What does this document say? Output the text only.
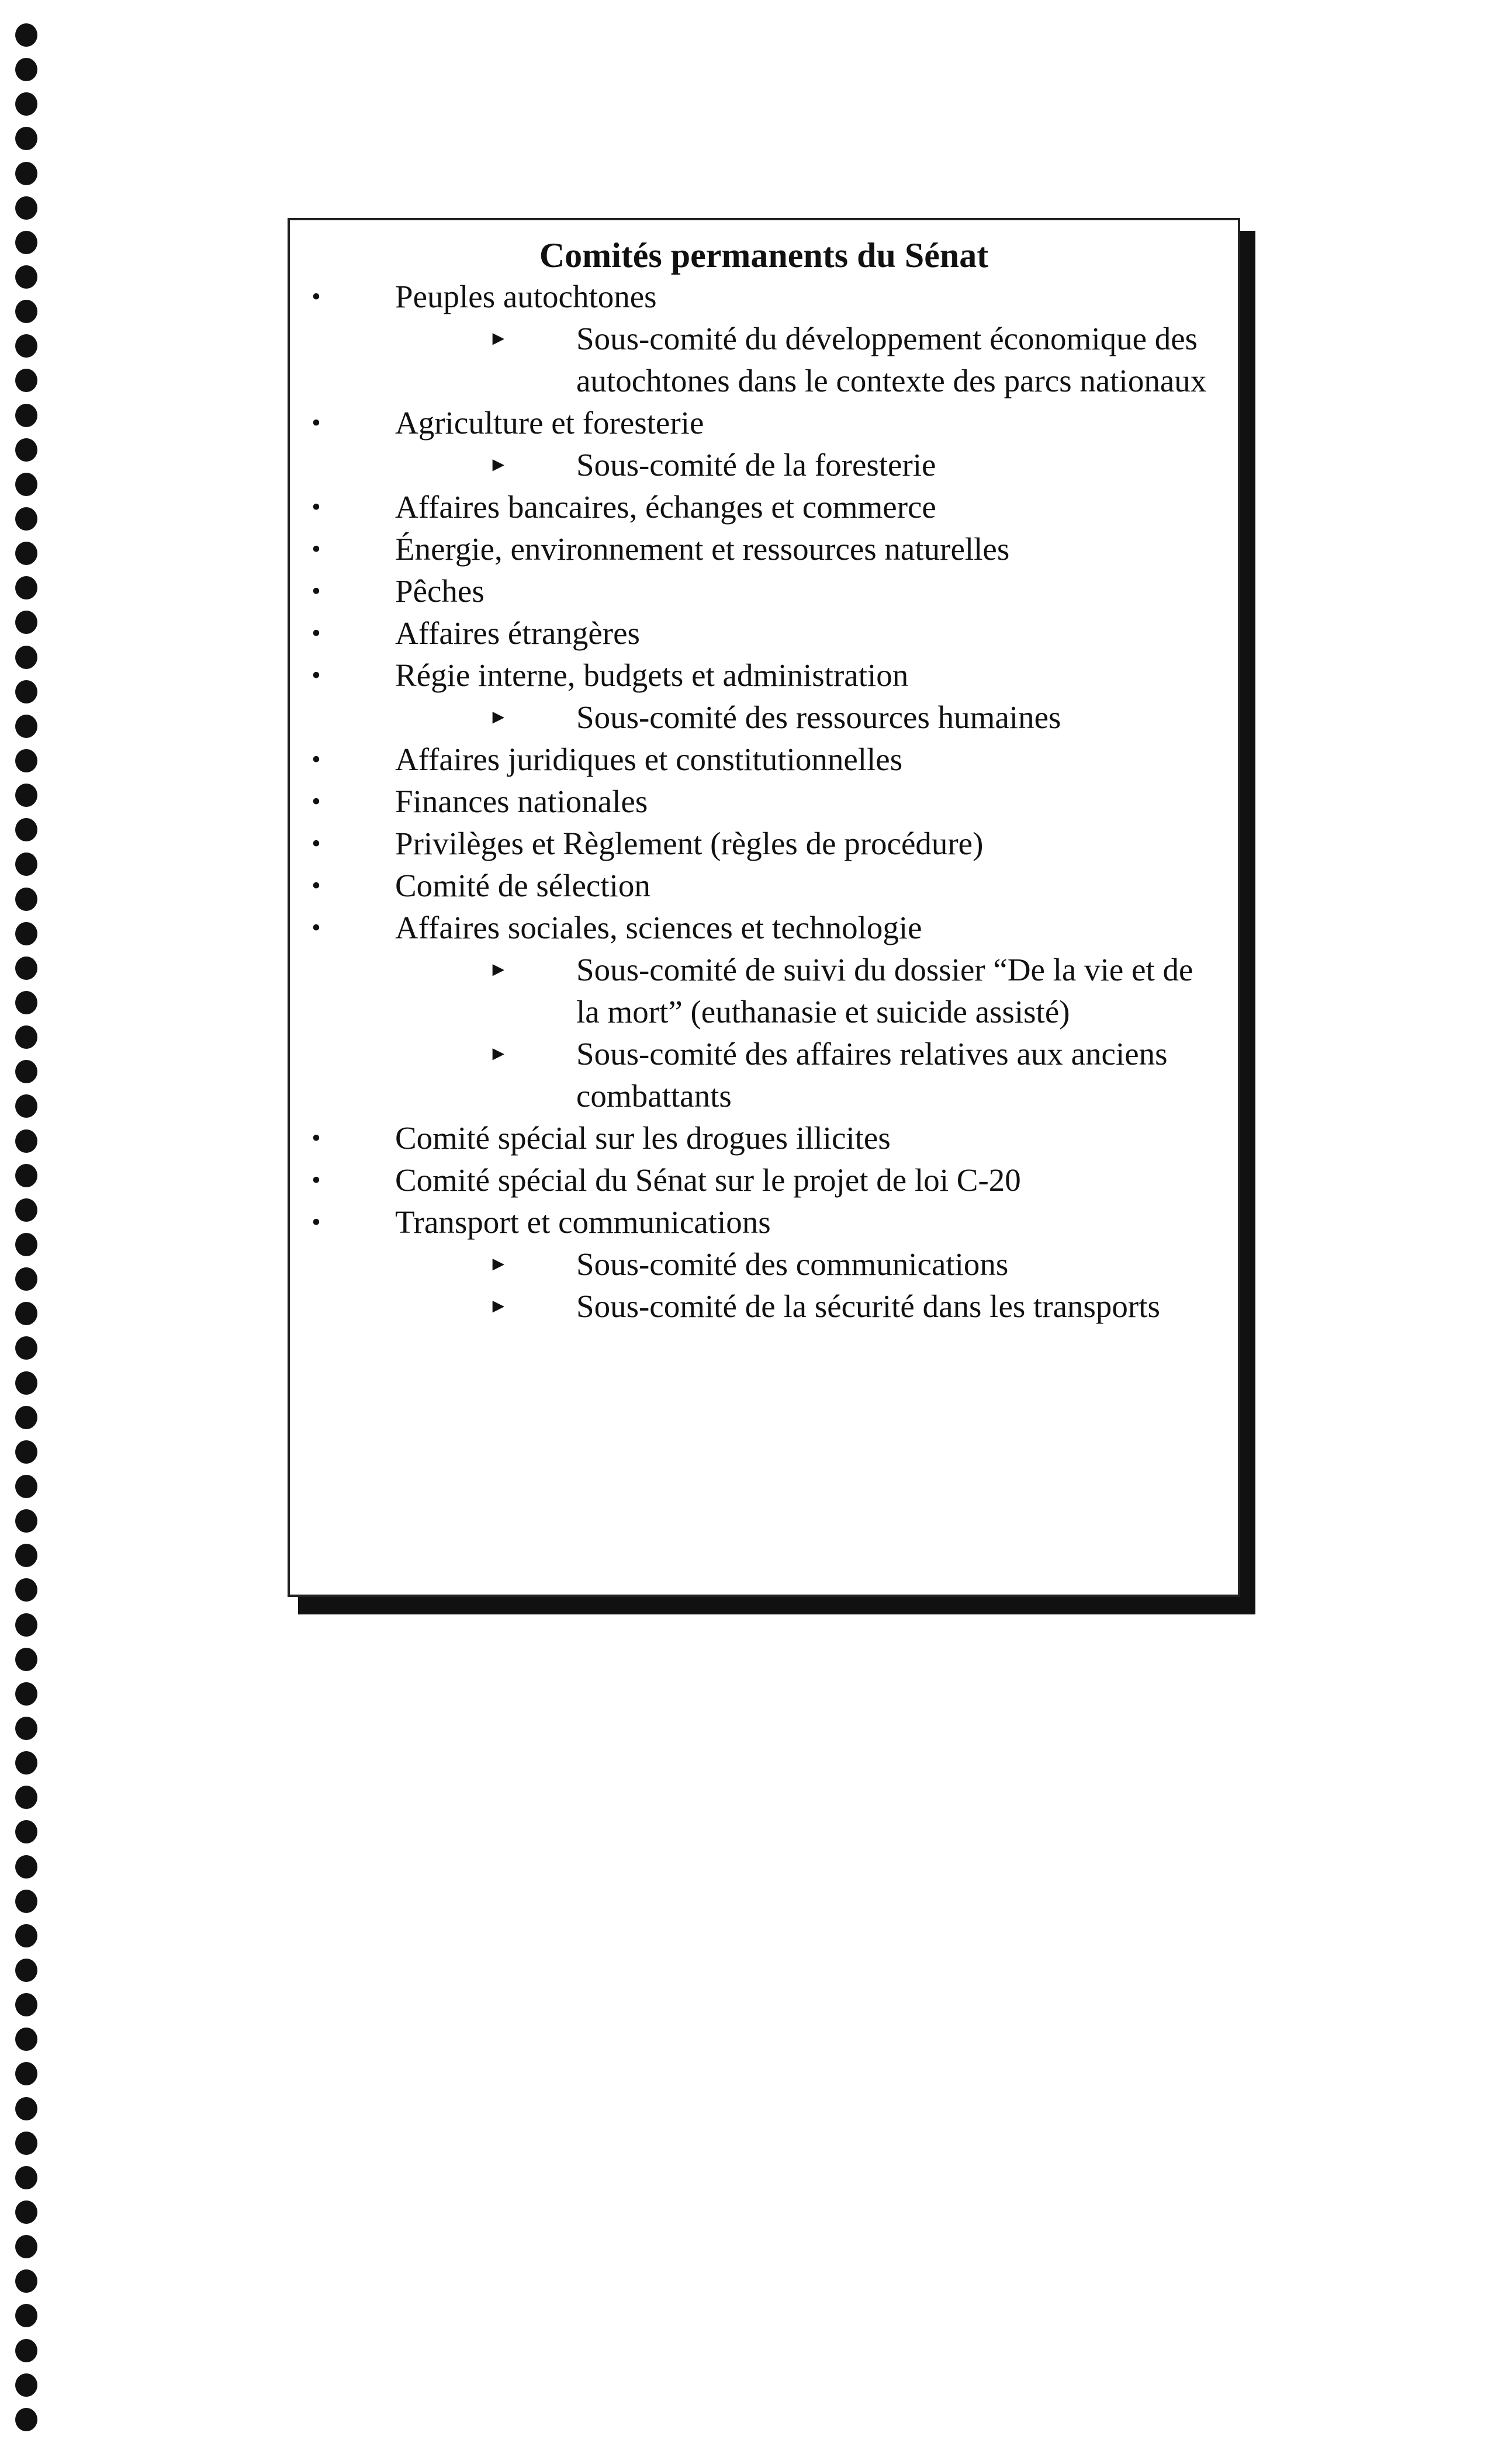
Comités permanents du Sénat
• Peuples autochtones
► Sous-comité du développement économique des autochtones dans le contexte des parcs nationaux
• Agriculture et foresterie
► Sous-comité de la foresterie
• Affaires bancaires, échanges et commerce
• Énergie, environnement et ressources naturelles
• Pêches
• Affaires étrangères
• Régie interne, budgets et administration
► Sous-comité des ressources humaines
• Affaires juridiques et constitutionnelles
• Finances nationales
• Privilèges et Règlement (règles de procédure)
• Comité de sélection
• Affaires sociales, sciences et technologie
► Sous-comité de suivi du dossier “De la vie et de la mort” (euthanasie et suicide assisté)
► Sous-comité des affaires relatives aux anciens combattants
• Comité spécial sur les drogues illicites
• Comité spécial du Sénat sur le projet de loi C-20
• Transport et communications
► Sous-comité des communications
► Sous-comité de la sécurité dans les transports
